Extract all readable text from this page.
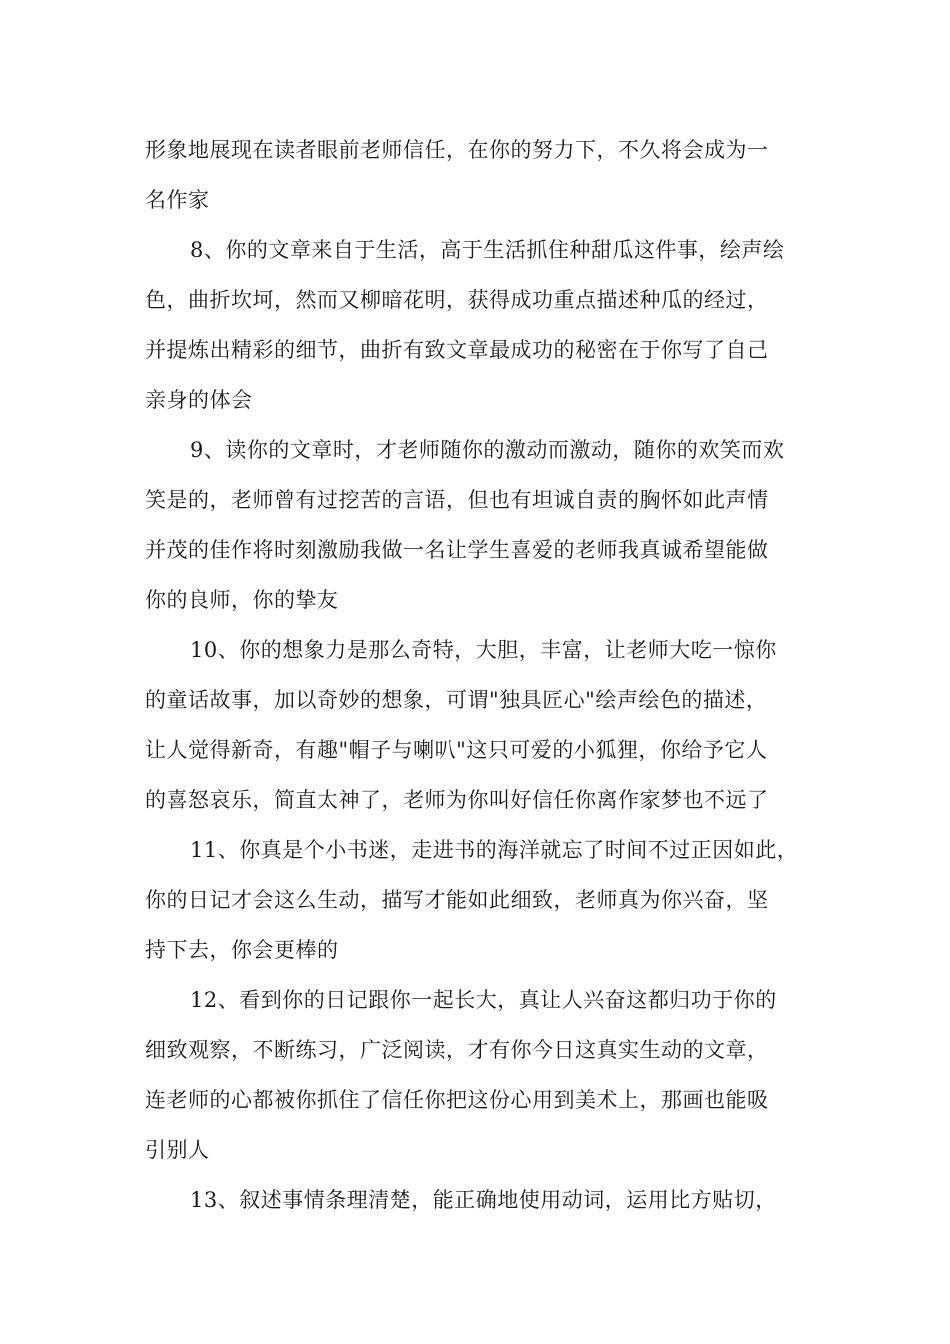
形象地展现在读者眼前老师信任，在你的努力下，不久将会成为一
名作家
8、你的文章来自于生活，高于生活抓住种甜瓜这件事，绘声绘
色，曲折坎坷，然而又柳暗花明，获得成功重点描述种瓜的经过，
并提炼出精彩的细节，曲折有致文章最成功的秘密在于你写了自己
亲身的体会
9、读你的文章时，才老师随你的激动而激动，随你的欢笑而欢
笑是的，老师曾有过挖苦的言语，但也有坦诚自责的胸怀如此声情
并茂的佳作将时刻激励我做一名让学生喜爱的老师我真诚希望能做
你的良师，你的挚友
10、你的想象力是那么奇特，大胆，丰富，让老师大吃一惊你
的童话故事，加以奇妙的想象，可谓"独具匠心"绘声绘色的描述，
让人觉得新奇，有趣"帽子与喇叭"这只可爱的小狐狸，你给予它人
的喜怒哀乐，简直太神了，老师为你叫好信任你离作家梦也不远了
11、你真是个小书迷，走进书的海洋就忘了时间不过正因如此，
你的日记才会这么生动，描写才能如此细致，老师真为你兴奋，坚
持下去，你会更棒的
12、看到你的日记跟你一起长大，真让人兴奋这都归功于你的
细致观察，不断练习，广泛阅读，才有你今日这真实生动的文章，
连老师的心都被你抓住了信任你把这份心用到美术上，那画也能吸
引别人
13、叙述事情条理清楚，能正确地使用动词，运用比方贴切，
